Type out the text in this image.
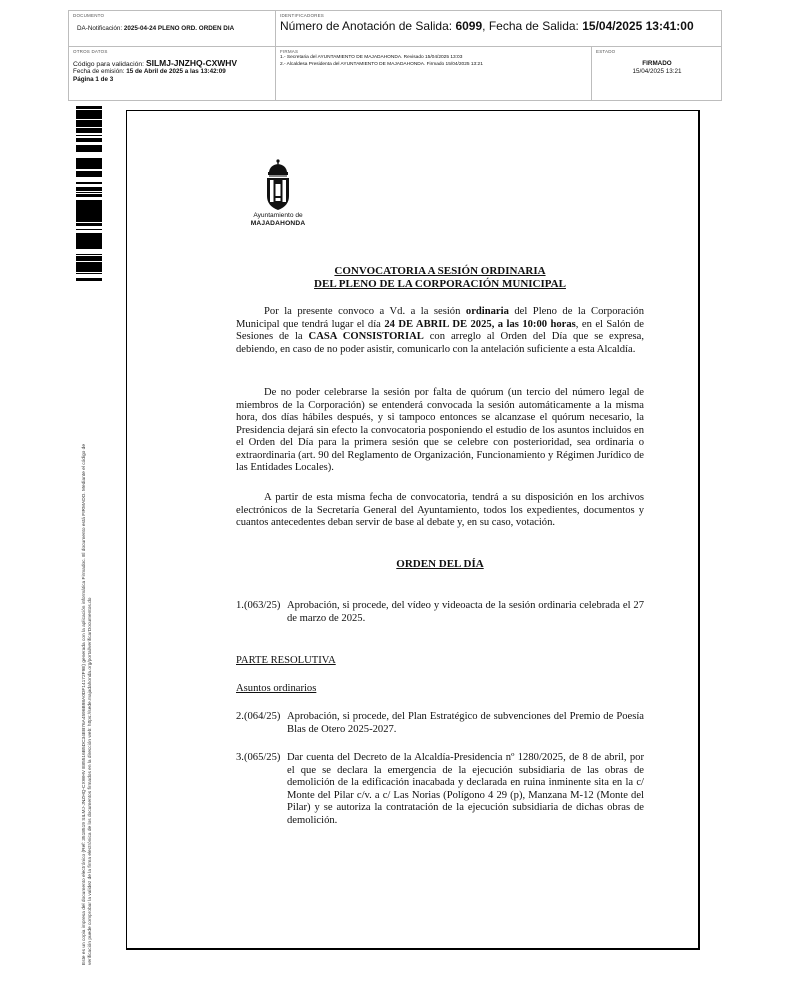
DOCUMENTO
DA-Notificación: 2025-04-24 PLENO ORD. ORDEN DIA
IDENTIFICADORES
Número de Anotación de Salida: 6099, Fecha de Salida: 15/04/2025 13:41:00
OTROS DATOS
Código para validación: SILMJ-JNZHQ-CXWHV
Fecha de emisión: 15 de Abril de 2025 a las 13:42:09
Página 1 de 3
FIRMAS
1.- Secretaria del AYUNTAMIENTO DE MAJADAHONDA. Revisado 15/04/2025 13:03
2.- Alcaldesa Presidenta del AYUNTAMIENTO DE MAJADAHONDA. Firmado 15/04/2025 13:21
ESTADO
FIRMADO
15/04/2025 13:21
Este es un copia impresa del documento electrónico (Ref: 3518519 SILMJ-JNZHQ-CXWHV E85516B5DC34EB76A4596B98A0DF14172F9E) generada con la aplicación informática Firmadoc. El documento está FIRMADO. Mediante el código de verificación puede comprobar la validez de la firma electrónica de los documentos firmados en la dirección web: https://sede.majadahonda.org/portal/verificarDocumentos.do
Ayuntamiento de
MAJADAHONDA
CONVOCATORIA A SESIÓN ORDINARIA
DEL PLENO DE LA CORPORACIÓN MUNICIPAL
Por la presente convoco a Vd. a la sesión ordinaria del Pleno de la Corporación Municipal que tendrá lugar el día 24 DE ABRIL DE 2025, a las 10:00 horas, en el Salón de Sesiones de la CASA CONSISTORIAL con arreglo al Orden del Día que se expresa, debiendo, en caso de no poder asistir, comunicarlo con la antelación suficiente a esta Alcaldía.
De no poder celebrarse la sesión por falta de quórum (un tercio del número legal de miembros de la Corporación) se entenderá convocada la sesión automáticamente a la misma hora, dos días hábiles después, y si tampoco entonces se alcanzase el quórum necesario, la Presidencia dejará sin efecto la convocatoria posponiendo el estudio de los asuntos incluidos en el Orden del Día para la primera sesión que se celebre con posterioridad, sea ordinaria o extraordinaria (art. 90 del Reglamento de Organización, Funcionamiento y Régimen Jurídico de las Entidades Locales).
A partir de esta misma fecha de convocatoria, tendrá a su disposición en los archivos electrónicos de la Secretaría General del Ayuntamiento, todos los expedientes, documentos y cuantos antecedentes deban servir de base al debate y, en su caso, votación.
ORDEN DEL DÍA
1.(063/25) Aprobación, si procede, del vídeo y videoacta de la sesión ordinaria celebrada el 27 de marzo de 2025.
PARTE RESOLUTIVA
Asuntos ordinarios
2.(064/25) Aprobación, si procede, del Plan Estratégico de subvenciones del Premio de Poesía Blas de Otero 2025-2027.
3.(065/25) Dar cuenta del Decreto de la Alcaldía-Presidencia nº 1280/2025, de 8 de abril, por el que se declara la emergencia de la ejecución subsidiaria de las obras de demolición de la edificación inacabada y declarada en ruina inminente sita en la c/ Monte del Pilar c/v. a c/ Las Norias (Polígono 4 29 (p), Manzana M-12 (Monte del Pilar) y se autoriza la contratación de la ejecución subsidiaria de dichas obras de demolición.
